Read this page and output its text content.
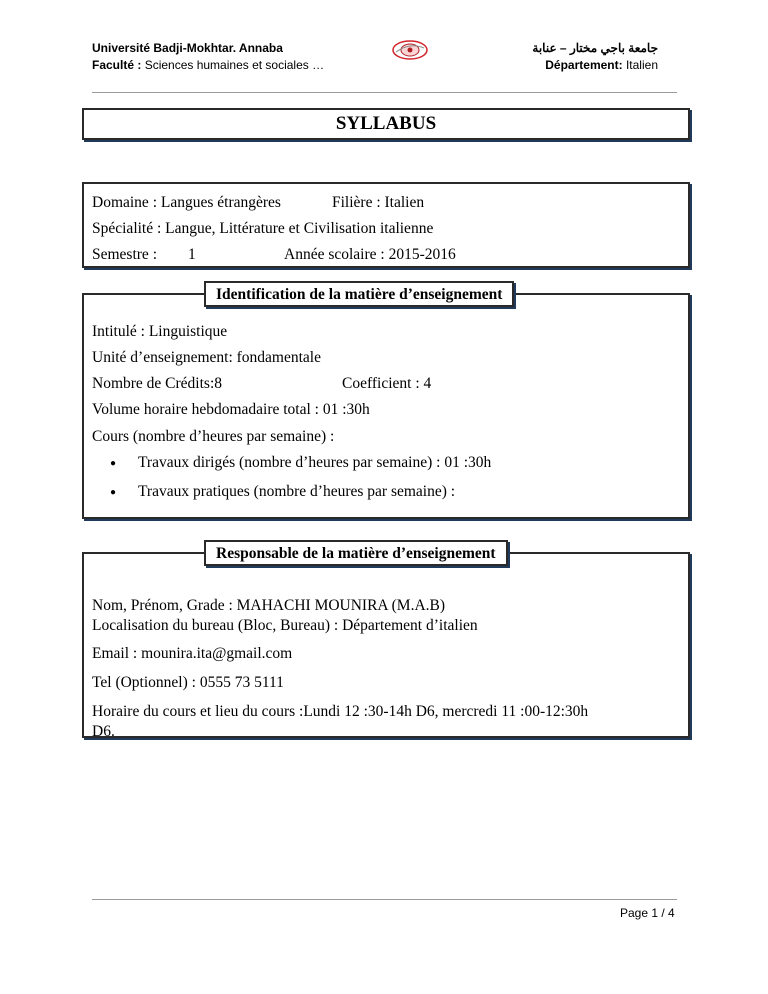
Université Badji-Mokhtar. Annaba
Faculté : Sciences humaines et sociales …
جامعة باجي مختار – عنابة
Département: Italien
SYLLABUS
Domaine : Langues étrangères	Filière : Italien
Spécialité : Langue, Littérature et Civilisation italienne
Semestre : 1	Année scolaire : 2015-2016
Intitulé : Linguistique
Unité d’enseignement: fondamentale
Nombre de Crédits:8	Coefficient : 4
Volume horaire hebdomadaire total : 01 :30h
Cours (nombre d’heures par semaine) :
● Travaux dirigés (nombre d’heures par semaine) : 01 :30h
● Travaux pratiques (nombre d’heures par semaine) :
Identification de la matière d’enseignement
Nom, Prénom, Grade : MAHACHI MOUNIRA (M.A.B)
Localisation du bureau (Bloc, Bureau) : Département d’italien
Email : mounira.ita@gmail.com
Tel (Optionnel) : 0555 73 5111
Horaire du cours et lieu du cours :Lundi 12 :30-14h D6, mercredi 11 :00-12:30h
D6.
Responsable de la matière d’enseignement
Page 1 / 4
